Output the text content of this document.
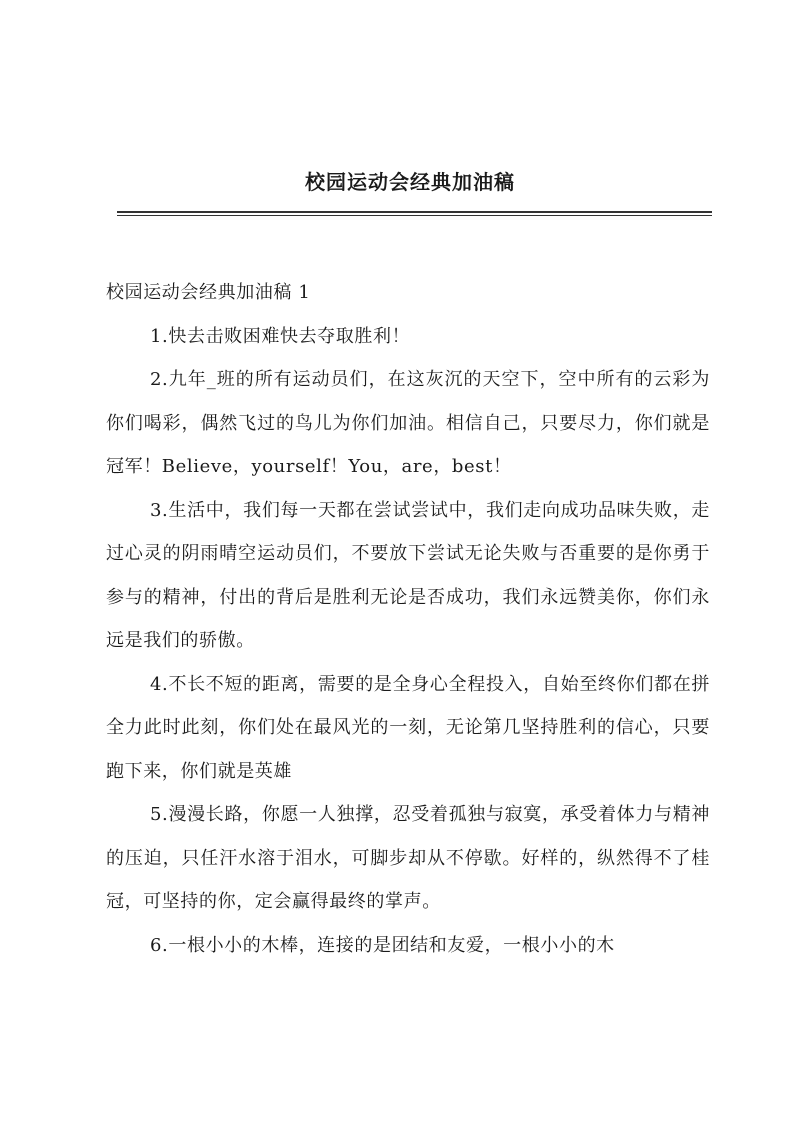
校园运动会经典加油稿

校园运动会经典加油稿 1

1.快去击败困难快去夺取胜利！

2.九年_班的所有运动员们，在这灰沉的天空下，空中所有的云彩为你们喝彩，偶然飞过的鸟儿为你们加油。相信自己，只要尽力，你们就是冠军！Believe，yourself！You，are，best！

3.生活中，我们每一天都在尝试尝试中，我们走向成功品味失败，走过心灵的阴雨晴空运动员们，不要放下尝试无论失败与否重要的是你勇于参与的精神，付出的背后是胜利无论是否成功，我们永远赞美你，你们永远是我们的骄傲。

4.不长不短的距离，需要的是全身心全程投入，自始至终你们都在拼全力此时此刻，你们处在最风光的一刻，无论第几坚持胜利的信心，只要跑下来，你们就是英雄

5.漫漫长路，你愿一人独撑，忍受着孤独与寂寞，承受着体力与精神的压迫，只任汗水溶于泪水，可脚步却从不停歇。好样的，纵然得不了桂冠，可坚持的你，定会赢得最终的掌声。

6.一根小小的木棒，连接的是团结和友爱，一根小小的木
